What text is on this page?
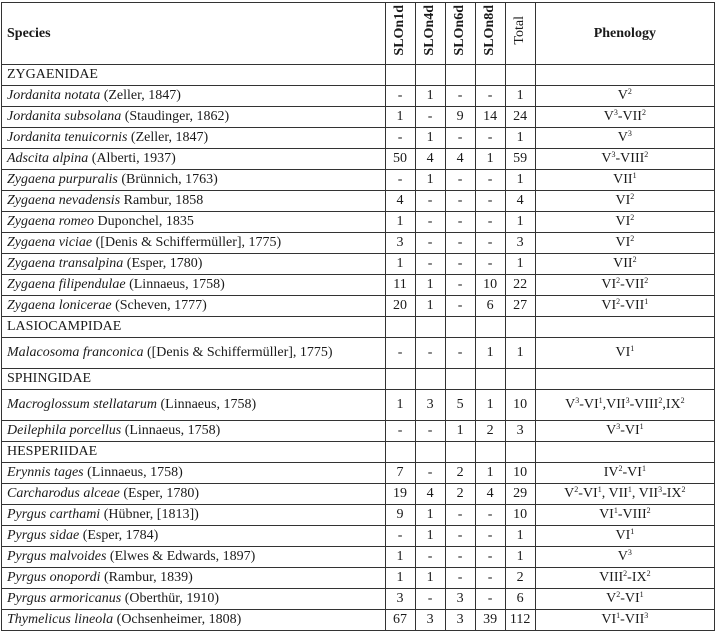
Species	SLOn1d	SLOn4d	SLOn6d	SLOn8d	Total	Phenology
ZYGAENIDAE						
Jordanita notata (Zeller, 1847)	-	1	-	-	1	$V^2$
Jordanita subsolana (Staudinger, 1862)	1	-	9	14	24	$V^3-VII^2$
Jordanita tenuicornis (Zeller, 1847)	-	1	-	-	1	$V^3$
Adscita alpina (Alberti, 1937)	50	4	4	1	59	$V^3-VIII^2$
Zygaena purpuralis (Brünnich, 1763)	-	1	-	-	1	VII$^1$
Zygaena nevadensis Rambur, 1858	4	-	-	-	4	$VI^2$
Zygaena romeo Duponchel, 1835	1	-	-	-	1	$VI^2$
Zygaena viciae ([Denis & Schiffermüller], 1775)	3	-	-	-	3	$VI^2$
Zygaena transalpina (Esper, 1780)	1	-	-	-	1	VII$^2$
Zygaena filipendulae (Linnaeus, 1758)	11	1	-	10	22	$VI^2-VII^2$
Zygaena lonicerae (Scheven, 1777)	20	1	-	6	27	$VI^2-VII^1$
LASIOCAMPIDAE						
Malacosoma franconica ([Denis & Schiffermüller], 1775)	-	-	-	1	1	$VI^1$
SPHINGIDAE						
Macroglossum stellatarum (Linnaeus, 1758)	1	3	5	1	10	$V^3-VI^1,VII^3-VIII^2,IX^2$
Deilephila porcellus (Linnaeus, 1758)	-	-	1	2	3	$V^3-VI^1$
HESPERIIDAE						
Erynnis tages (Linnaeus, 1758)	7	-	2	1	10	$IV^2-VI^1$
Carcharodus alceae (Esper, 1780)	19	4	2	4	29	$V^2-VI^1$, VII$^1$, $VII^3-IX^2$
Pyrgus carthami (Hübner, [1813])	9	1	-	-	10	$VI^1-VIII^2$
Pyrgus sidae (Esper, 1784)	-	1	-	-	1	$VI^1$
Pyrgus malvoides (Elwes & Edwards, 1897)	1	-	-	-	1	$V^3$
Pyrgus onopordi (Rambur, 1839)	1	1	-	-	2	$VIII^2-IX^2$
Pyrgus armoricanus (Oberthür, 1910)	3	-	3	-	6	$V^2-VI^1$
Thymelicus lineola (Ochsenheimer, 1808)	67	3	3	39	112	$VI^1-VII^3$
